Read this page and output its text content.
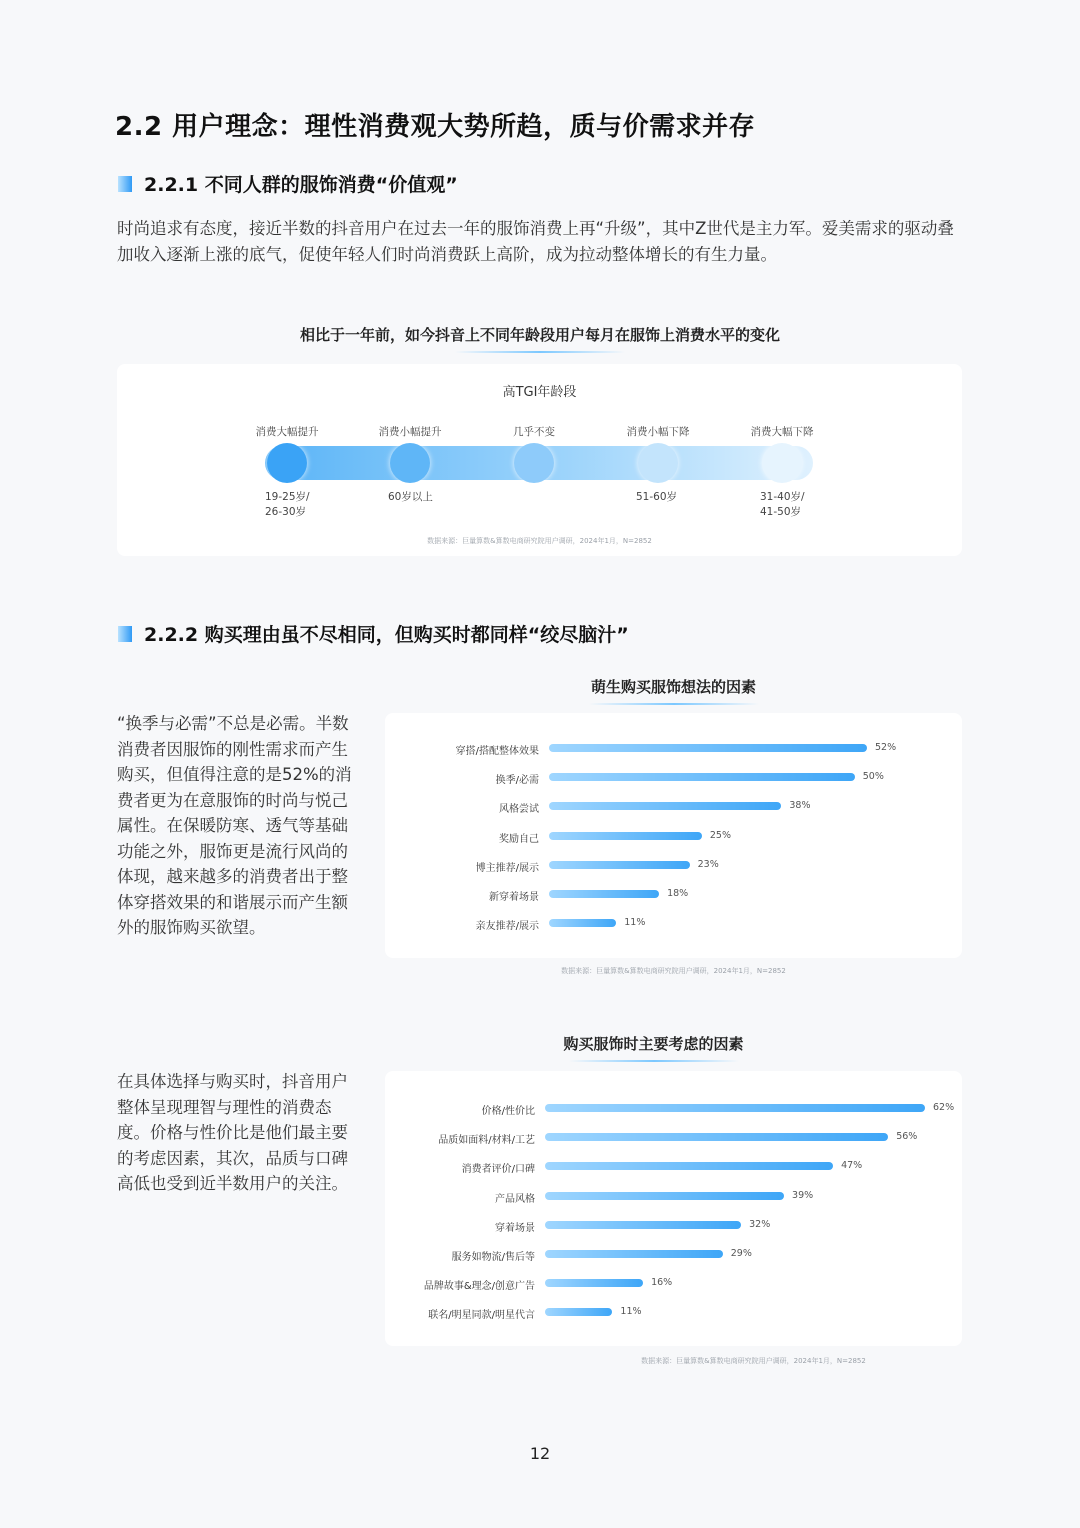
2.2 用户理念：理性消费观大势所趋，质与价需求并存
2.2.1 不同人群的服饰消费“价值观”
时尚追求有态度，接近半数的抖音用户在过去一年的服饰消费上再“升级”，其中Z世代是主力军。爱美需求的驱动叠加收入逐渐上涨的底气，促使年轻人们时尚消费跃上高阶，成为拉动整体增长的有生力量。
相比于一年前，如今抖音上不同年龄段用户每月在服饰上消费水平的变化
高TGI年龄段
消费大幅提升
19-25岁/
26-30岁
消费小幅提升
60岁以上
几乎不变	消费小幅下降
51-60岁
消费大幅下降
31-40岁/
41-50岁
数据来源：巨量算数&算数电商研究院用户调研，2024年1月，N=2852
2.2.2 购买理由虽不尽相同，但购买时都同样“绞尽脑汁”
“换季与必需”不总是必需。半数消费者因服饰的刚性需求而产生购买，但值得注意的是52%的消费者更为在意服饰的时尚与悦己属性。在保暖防寒、透气等基础功能之外，服饰更是流行风尚的体现，越来越多的消费者出于整体穿搭效果的和谐展示而产生额外的服饰购买欲望。
在具体选择与购买时，抖音用户整体呈现理智与理性的消费态度。价格与性价比是他们最主要的考虑因素，其次，品质与口碑高低也受到近半数用户的关注。
萌生购买服饰想法的因素
穿搭/搭配整体效果	52%
换季/必需	50%
风格尝试	38%
奖励自己	25%
博主推荐/展示	23%
新穿着场景	18%
亲友推荐/展示	11%
数据来源：巨量算数&算数电商研究院用户调研，2024年1月，N=2852
购买服饰时主要考虑的因素
价格/性价比	62%
品质如面料/材料/工艺	56%
消费者评价/口碑	47%
产品风格	39%
穿着场景	32%
服务如物流/售后等	29%
品牌故事&理念/创意广告	16%
联名/明星同款/明星代言	11%
数据来源：巨量算数&算数电商研究院用户调研，2024年1月，N=2852
12
